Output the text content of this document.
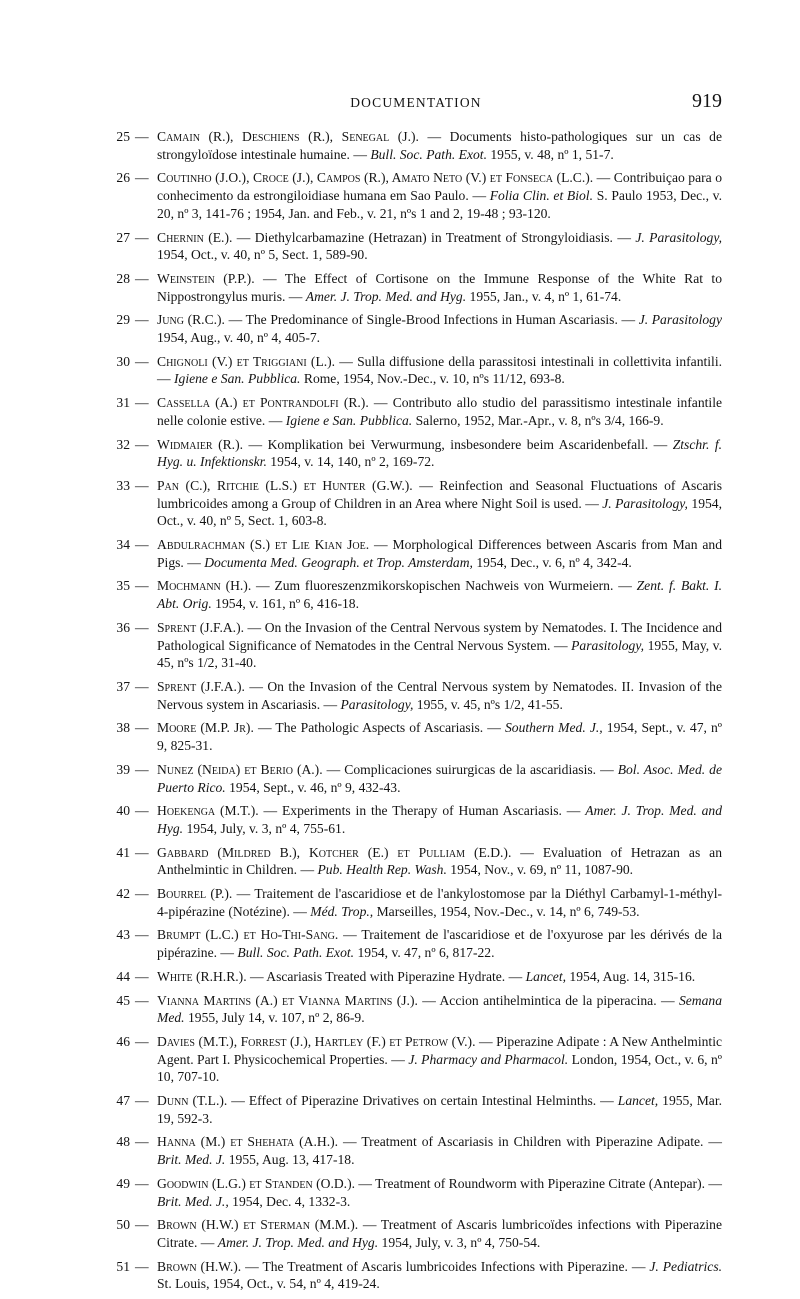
DOCUMENTATION	919
25 — Camain (R.), Deschiens (R.), Senegal (J.). — Documents histo-pathologiques sur un cas de strongyloïdose intestinale humaine. — Bull. Soc. Path. Exot. 1955, v. 48, nº 1, 51-7.
26 — Coutinho (J.O.), Croce (J.), Campos (R.), Amato Neto (V.) et Fonseca (L.C.). — Contribuiçao para o conhecimento da estrongiloidiase humana em Sao Paulo. — Folia Clin. et Biol. S. Paulo 1953, Dec., v. 20, nº 3, 141-76 ; 1954, Jan. and Feb., v. 21, nºs 1 and 2, 19-48 ; 93-120.
27 — Chernin (E.). — Diethylcarbamazine (Hetrazan) in Treatment of Strongyloidiasis. — J. Parasitology, 1954, Oct., v. 40, nº 5, Sect. 1, 589-90.
28 — Weinstein (P.P.). — The Effect of Cortisone on the Immune Response of the White Rat to Nippostrongylus muris. — Amer. J. Trop. Med. and Hyg. 1955, Jan., v. 4, nº 1, 61-74.
29 — Jung (R.C.). — The Predominance of Single-Brood Infections in Human Ascariasis. — J. Parasitology 1954, Aug., v. 40, nº 4, 405-7.
30 — Chignoli (V.) et Triggiani (L.). — Sulla diffusione della parassitosi intestinali in collettivita infantili. — Igiene e San. Pubblica. Rome, 1954, Nov.-Dec., v. 10, nºs 11/12, 693-8.
31 — Cassella (A.) et Pontrandolfi (R.). — Contributo allo studio del parassitismo intestinale infantile nelle colonie estive. — Igiene e San. Pubblica. Salerno, 1952, Mar.-Apr., v. 8, nºs 3/4, 166-9.
32 — Widmaier (R.). — Komplikation bei Verwurmung, insbesondere beim Ascaridenbefall. — Ztschr. f. Hyg. u. Infektionskr. 1954, v. 14, 140, nº 2, 169-72.
33 — Pan (C.), Ritchie (L.S.) et Hunter (G.W.). — Reinfection and Seasonal Fluctuations of Ascaris lumbricoides among a Group of Children in an Area where Night Soil is used. — J. Parasitology, 1954, Oct., v. 40, nº 5, Sect. 1, 603-8.
34 — Abdulrachman (S.) et Lie Kian Joe. — Morphological Differences between Ascaris from Man and Pigs. — Documenta Med. Geograph. et Trop. Amsterdam, 1954, Dec., v. 6, nº 4, 342-4.
35 — Mochmann (H.). — Zum fluoreszenzmikorskopischen Nachweis von Wurmeiern. — Zent. f. Bakt. I. Abt. Orig. 1954, v. 161, nº 6, 416-18.
36 — Sprent (J.F.A.). — On the Invasion of the Central Nervous system by Nematodes. I. The Incidence and Pathological Significance of Nematodes in the Central Nervous System. — Parasitology, 1955, May, v. 45, nºs 1/2, 31-40.
37 — Sprent (J.F.A.). — On the Invasion of the Central Nervous system by Nematodes. II. Invasion of the Nervous system in Ascariasis. — Parasitology, 1955, v. 45, nºs 1/2, 41-55.
38 — Moore (M.P. Jr). — The Pathologic Aspects of Ascariasis. — Southern Med. J., 1954, Sept., v. 47, nº 9, 825-31.
39 — Nunez (Neida) et Berio (A.). — Complicaciones suirurgicas de la ascaridiasis. — Bol. Asoc. Med. de Puerto Rico. 1954, Sept., v. 46, nº 9, 432-43.
40 — Hoekenga (M.T.). — Experiments in the Therapy of Human Ascariasis. — Amer. J. Trop. Med. and Hyg. 1954, July, v. 3, nº 4, 755-61.
41 — Gabbard (Mildred B.), Kotcher (E.) et Pulliam (E.D.). — Evaluation of Hetrazan as an Anthelmintic in Children. — Pub. Health Rep. Wash. 1954, Nov., v. 69, nº 11, 1087-90.
42 — Bourrel (P.). — Traitement de l'ascaridiose et de l'ankylostomose par la Diéthyl Carbamyl-1-méthyl-4-pipérazine (Notézine). — Méd. Trop., Marseilles, 1954, Nov.-Dec., v. 14, nº 6, 749-53.
43 — Brumpt (L.C.) et Ho-Thi-Sang. — Traitement de l'ascaridiose et de l'oxyurose par les dérivés de la pipérazine. — Bull. Soc. Path. Exot. 1954, v. 47, nº 6, 817-22.
44 — White (R.H.R.). — Ascariasis Treated with Piperazine Hydrate. — Lancet, 1954, Aug. 14, 315-16.
45 — Vianna Martins (A.) et Vianna Martins (J.). — Accion antihelmintica de la piperacina. — Semana Med. 1955, July 14, v. 107, nº 2, 86-9.
46 — Davies (M.T.), Forrest (J.), Hartley (F.) et Petrow (V.). — Piperazine Adipate : A New Anthelmintic Agent. Part I. Physicochemical Properties. — J. Pharmacy and Pharmacol. London, 1954, Oct., v. 6, nº 10, 707-10.
47 — Dunn (T.L.). — Effect of Piperazine Drivatives on certain Intestinal Helminths. — Lancet, 1955, Mar. 19, 592-3.
48 — Hanna (M.) et Shehata (A.H.). — Treatment of Ascariasis in Children with Piperazine Adipate. — Brit. Med. J. 1955, Aug. 13, 417-18.
49 — Goodwin (L.G.) et Standen (O.D.). — Treatment of Roundworm with Piperazine Citrate (Antepar). — Brit. Med. J., 1954, Dec. 4, 1332-3.
50 — Brown (H.W.) et Sterman (M.M.). — Treatment of Ascaris lumbricoïdes infections with Piperazine Citrate. — Amer. J. Trop. Med. and Hyg. 1954, July, v. 3, nº 4, 750-54.
51 — Brown (H.W.). — The Treatment of Ascaris lumbricoides Infections with Piperazine. — J. Pediatrics. St. Louis, 1954, Oct., v. 54, nº 4, 419-24.
